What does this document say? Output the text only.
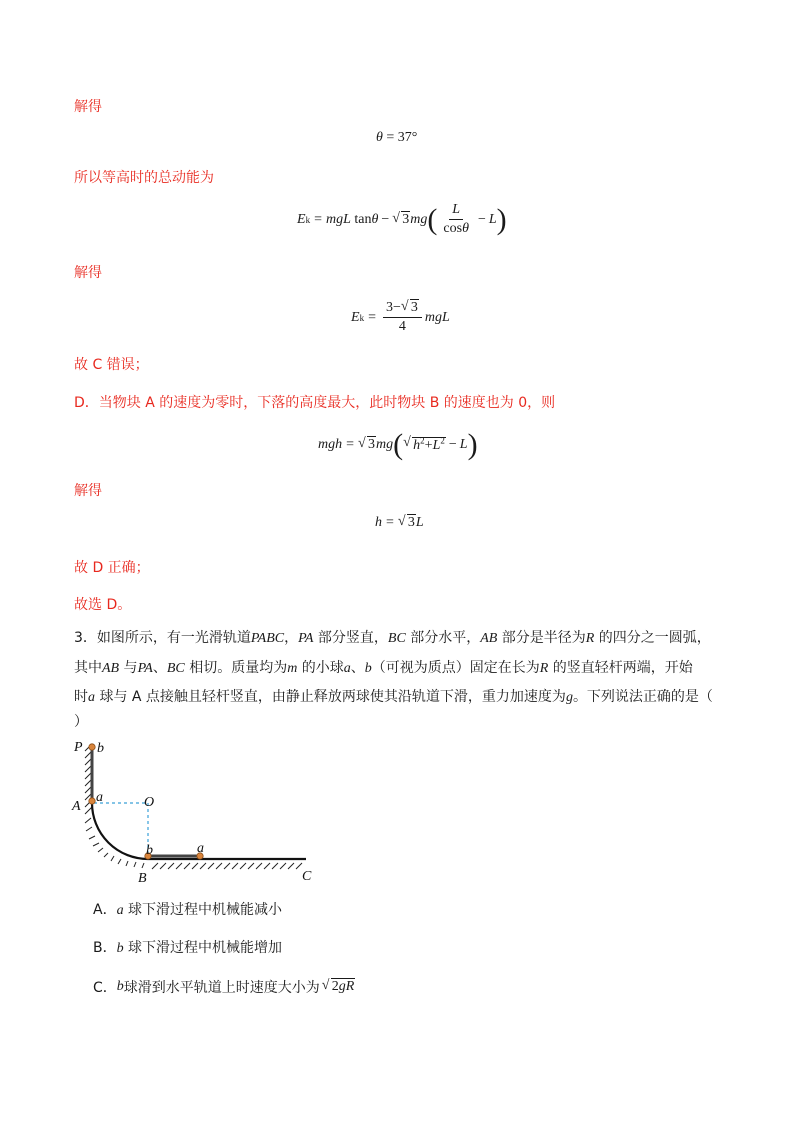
解得
θ = 37°
所以等高时的总动能为
E k = mgL
tan θ − √ 3 mg ( $\frac{L}{\cos\theta} - L$ )
解得
E $k = \frac{3- √ 3}{4}$ mgL
故 C 错误；
D．当物块 A 的速度为零时，下落的高度最大，此时物块 B 的速度也为 0，则
mgh =	√ 3 mg ( √ $h^2+L^2 - L$ )
解得
h =	√ 3 L
故 D 正确；
故选 D。
3．如图所示，有一光滑轨道PABC，PA 部分竖直，BC 部分水平，AB 部分是半径为R 的四分之一圆弧，
其中AB 与PA、BC 相切。质量均为m 的小球a、b（可视为质点）固定在长为R 的竖直轻杆两端，开始
时a 球与 A 点接触且轻杆竖直，由静止释放两球使其沿轨道下滑，重力加速度为g。下列说法正确的是（
）
P b
A
a	O
b	a
B	C
A．a 球下滑过程中机械能减小
B．b 球下滑过程中机械能增加
C． b 球滑到水平轨道上时速度大小为 √ 2gR
